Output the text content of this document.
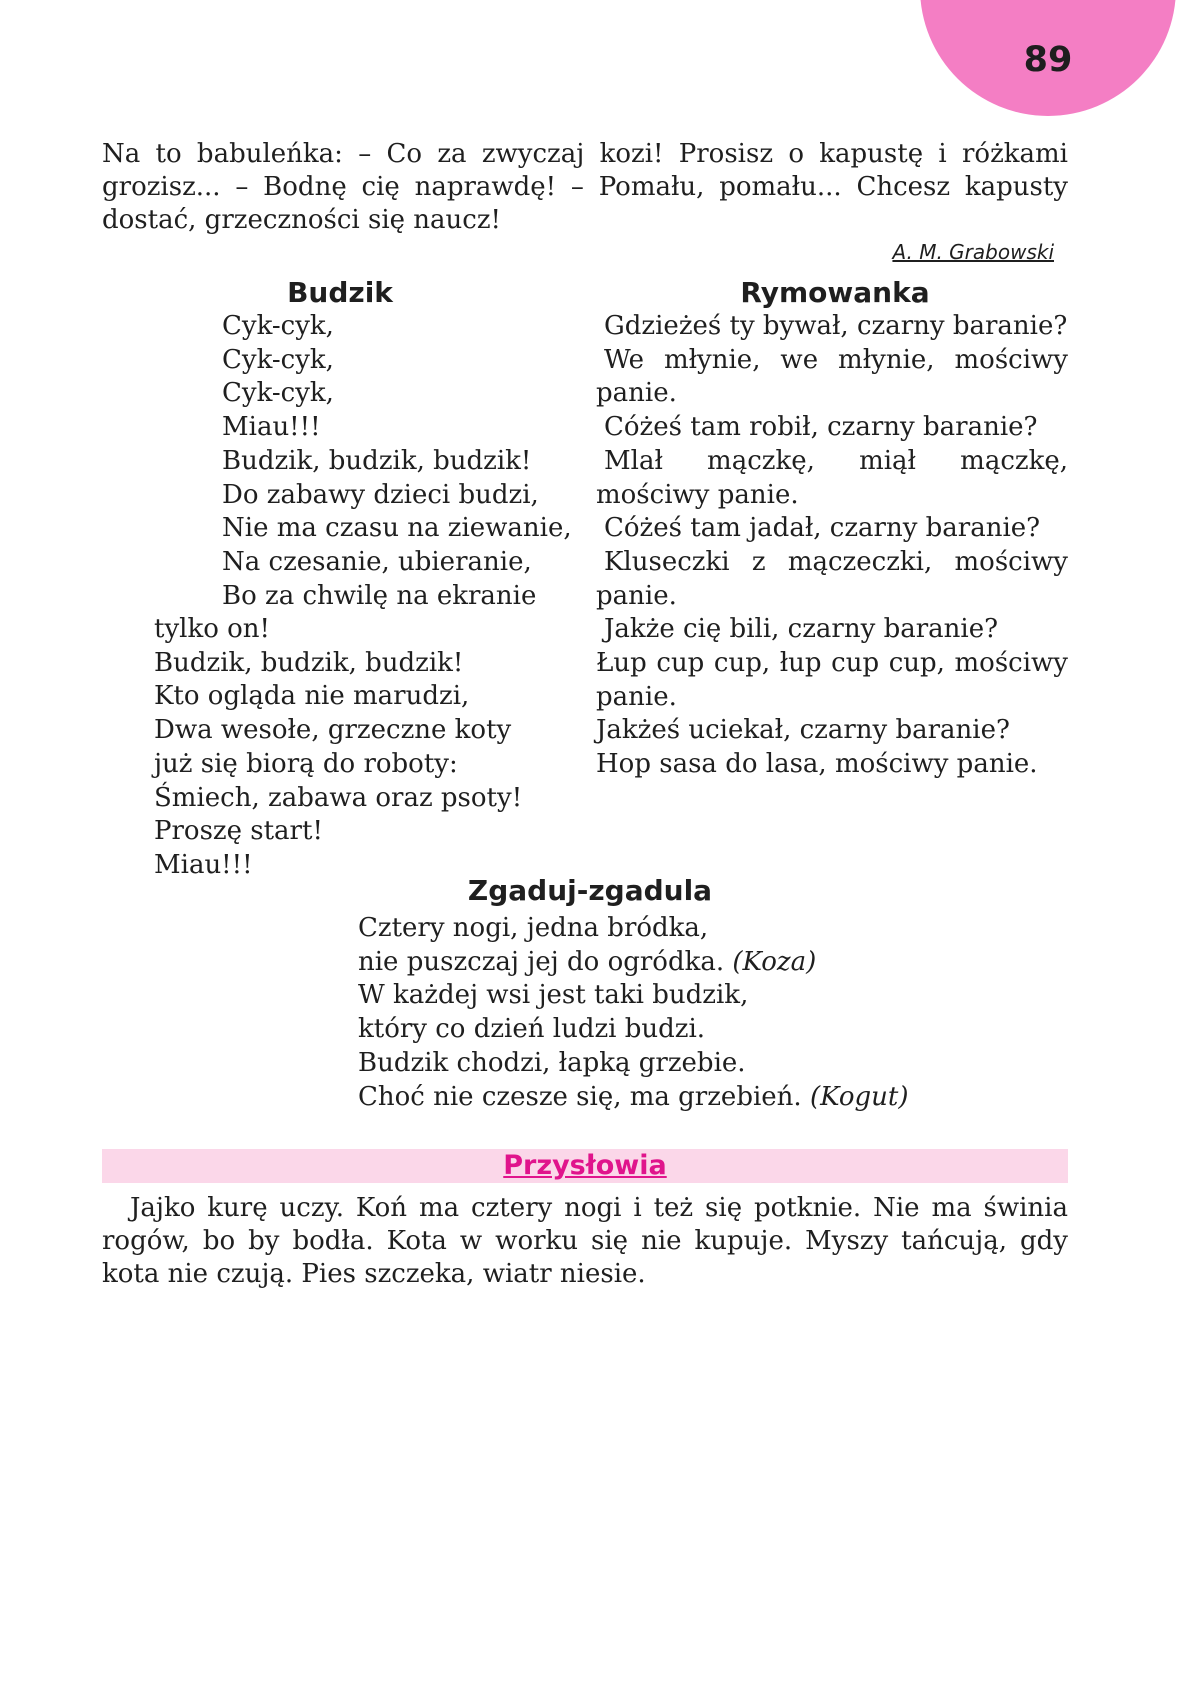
89

Na to babuleńka: – Co za zwyczaj kozi! Prosisz o kapustę i różkami grozisz... – Bodnę cię naprawdę! – Pomału, pomału... Chcesz kapusty dostać, grzeczności się naucz!

A. M. Grabowski
Budzik
Cyk-cyk,
Cyk-cyk,
Cyk-cyk,
Miau!!!
Budzik, budzik, budzik!
Do zabawy dzieci budzi,
Nie ma czasu na ziewanie,
Na czesanie, ubieranie,
Bo za chwilę na ekranie
tylko on!
Budzik, budzik, budzik!
Kto ogląda nie marudzi,
Dwa wesołe, grzeczne koty
już się biorą do roboty:
Śmiech, zabawa oraz psoty!
Proszę start!
Miau!!!
Rymowanka
Gdzieżeś ty bywał, czarny baranie?
We młynie, we młynie, mościwy panie.
Cóżeś tam robił, czarny baranie?
Mlał mączkę, miął mączkę, mościwy panie.
Cóżeś tam jadał, czarny baranie?
Kluseczki z mączeczki, mościwy panie.
Jakże cię bili, czarny baranie?
Łup cup cup, łup cup cup, mościwy panie.
Jakżeś uciekał, czarny baranie?
Hop sasa do lasa, mościwy panie.
Zgaduj-zgadula
Cztery nogi, jedna bródka,
nie puszczaj jej do ogródka. (Koza)
W każdej wsi jest taki budzik,
który co dzień ludzi budzi.
Budzik chodzi, łapką grzebie.
Choć nie czesze się, ma grzebień. (Kogut)
Przysłowia

Jajko kurę uczy. Koń ma cztery nogi i też się potknie. Nie ma świnia rogów, bo by bodła. Kota w worku się nie kupuje. Myszy tańcują, gdy kota nie czują. Pies szczeka, wiatr niesie.
